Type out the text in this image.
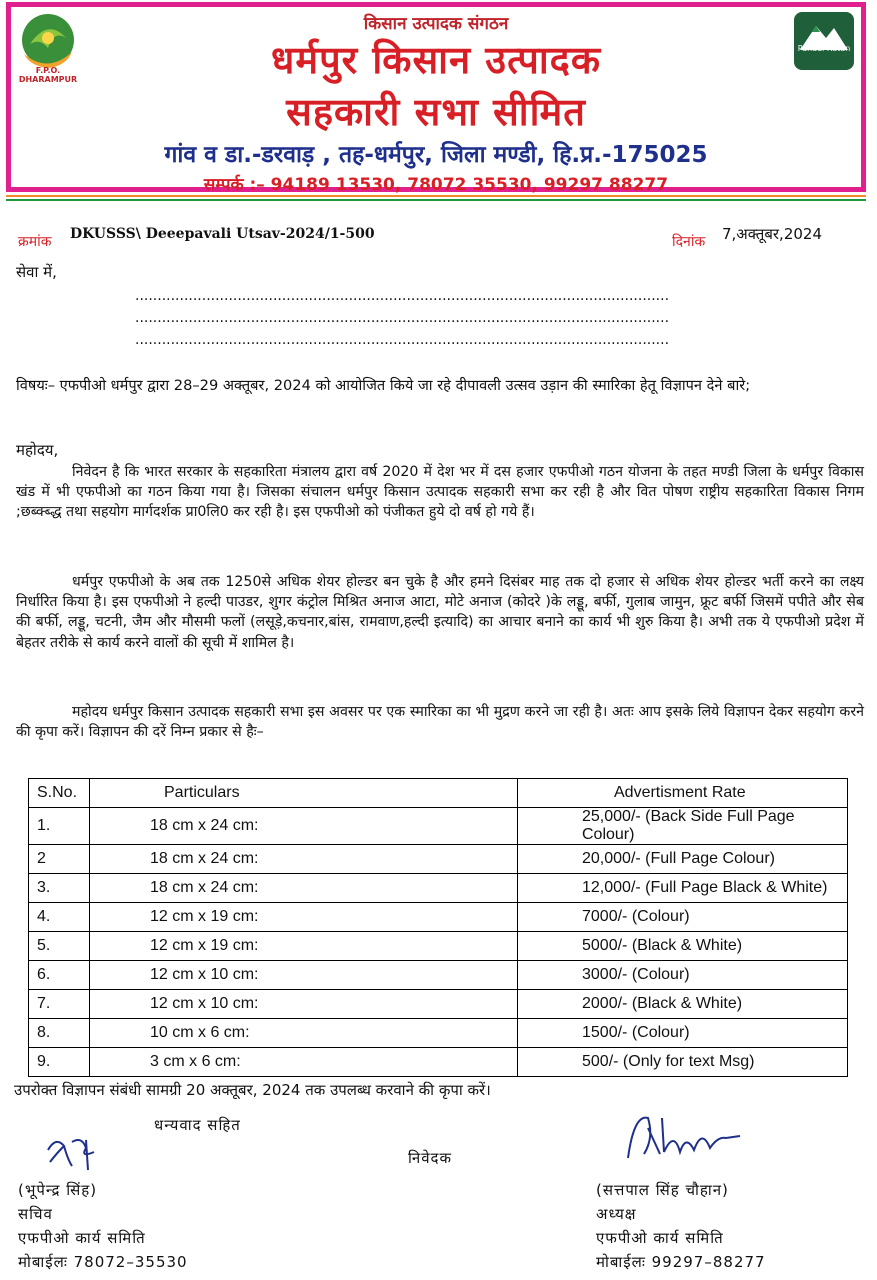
किसान उत्पादक संगठन
धर्मपुर किसान उत्पादक
सहकारी सभा सीमित
गांव व डा.-डरवाड़ , तह-धर्मपुर, जिला मण्डी, हि.प्र.-175025
सम्पर्क :– 94189 13530, 78072 35530, 99297 88277
F.P.O. DHARAMPUR
Pahadi Ratan
क्रमांक DKUSSS\ Deeepavali Utsav-2024/1-500	दिनांक 7,अक्तूबर,2024
सेवा में,
........................................................................................................................
........................................................................................................................
........................................................................................................................
विषयः– एफपीओ धर्मपुर द्वारा 28–29 अक्तूबर, 2024 को आयोजित किये जा रहे दीपावली उत्सव उड़ान की स्मारिका हेतू विज्ञापन देने बारे;
महोदय,
निवेदन है कि भारत सरकार के सहकारिता मंत्रालय द्वारा वर्ष 2020 में देश भर में दस हजार एफपीओ गठन योजना के तहत मण्डी जिला के धर्मपुर विकास खंड में भी एफपीओ का गठन किया गया है। जिसका संचालन धर्मपुर किसान उत्पादक सहकारी सभा कर रही है और वित पोषण राष्ट्रीय सहकारिता विकास निगम ;छब्क्ब्द्ध तथा सहयोग मार्गदर्शक प्रा0लि0 कर रही है। इस एफपीओ को पंजीकत हुये दो वर्ष हो गये हैं।
धर्मपुर एफपीओ के अब तक 1250से अधिक शेयर होल्डर बन चुके है और हमने दिसंबर माह तक दो हजार से अधिक शेयर होल्डर भर्ती करने का लक्ष्य निर्धारित किया है। इस एफपीओ ने हल्दी पाउडर, शुगर कंट्रोल मिश्रित अनाज आटा, मोटे अनाज (कोदरे )के लड्डू, बर्फी, गुलाब जामुन, फ्रूट बर्फी जिसमें पपीते और सेब की बर्फी, लड्डू, चटनी, जैम और मौसमी फलों (लसूड़े,कचनार,बांस, रामवाण,हल्दी इत्यादि) का आचार बनाने का कार्य भी शुरु किया है। अभी तक ये एफपीओ प्रदेश में बेहतर तरीके से कार्य करने वालों की सूची में शामिल है।
महोदय धर्मपुर किसान उत्पादक सहकारी सभा इस अवसर पर एक स्मारिका का भी मुद्रण करने जा रही है। अतः आप इसके लिये विज्ञापन देकर सहयोग करने की कृपा करें। विज्ञापन की दरें निम्न प्रकार से हैः–
S.No.	Particulars	Advertisment Rate
1.	18 cm x 24 cm:	25,000/- (Back Side Full Page Colour)
2	18 cm x 24 cm:	20,000/- (Full Page Colour)
3.	18 cm x 24 cm:	12,000/- (Full Page Black & White)
4.	12 cm x 19 cm:	7000/- (Colour)
5.	12 cm x 19 cm:	5000/- (Black & White)
6.	12 cm x 10 cm:	3000/- (Colour)
7.	12 cm x 10 cm:	2000/- (Black & White)
8.	10 cm x 6 cm:	1500/- (Colour)
9.	3 cm x 6 cm:	500/- (Only for text Msg)
उपरोक्त विज्ञापन संबंधी सामग्री 20 अक्तूबर, 2024 तक उपलब्ध करवाने की कृपा करें।
धन्यवाद सहित
निवेदक
(भूपेन्द्र सिंह)
सचिव
एफपीओ कार्य समिति
मोबाईलः 78072–35530
(सत्तपाल सिंह चौहान)
अध्यक्ष
एफपीओ कार्य समिति
मोबाईलः 99297–88277
